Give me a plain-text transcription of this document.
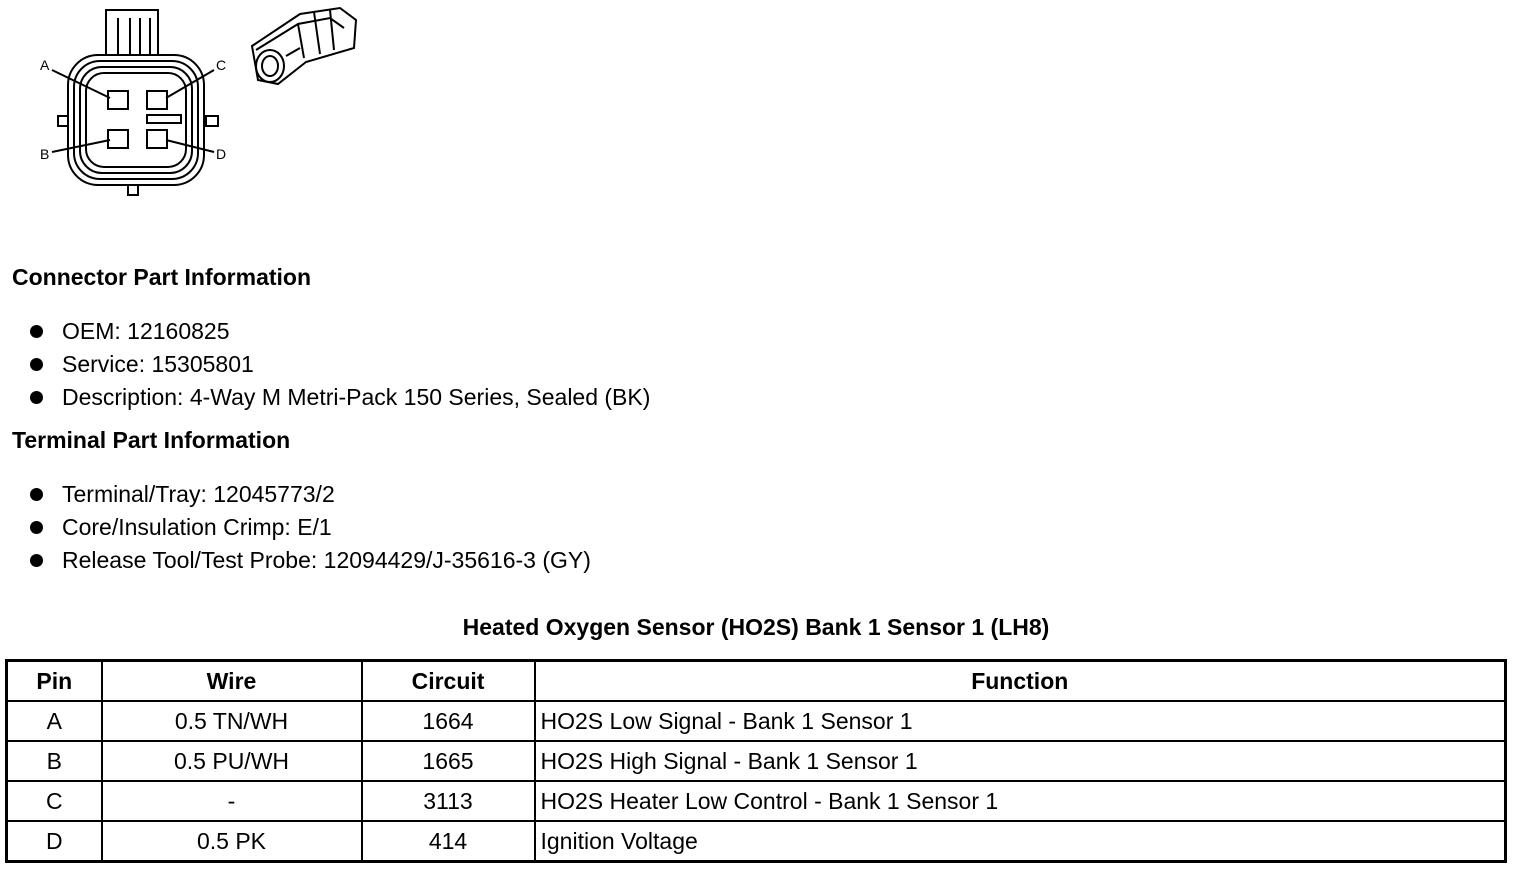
A
B
C
D
Connector Part Information
OEM: 12160825
Service: 15305801
Description: 4-Way M Metri-Pack 150 Series, Sealed (BK)
Terminal Part Information
Terminal/Tray: 12045773/2
Core/Insulation Crimp: E/1
Release Tool/Test Probe: 12094429/J-35616-3 (GY)
Heated Oxygen Sensor (HO2S) Bank 1 Sensor 1 (LH8)
Pin	Wire	Circuit	Function
A	0.5 TN/WH	1664	HO2S Low Signal - Bank 1 Sensor 1
B	0.5 PU/WH	1665	HO2S High Signal - Bank 1 Sensor 1
C	-	3113	HO2S Heater Low Control - Bank 1 Sensor 1
D	0.5 PK	414	Ignition Voltage
